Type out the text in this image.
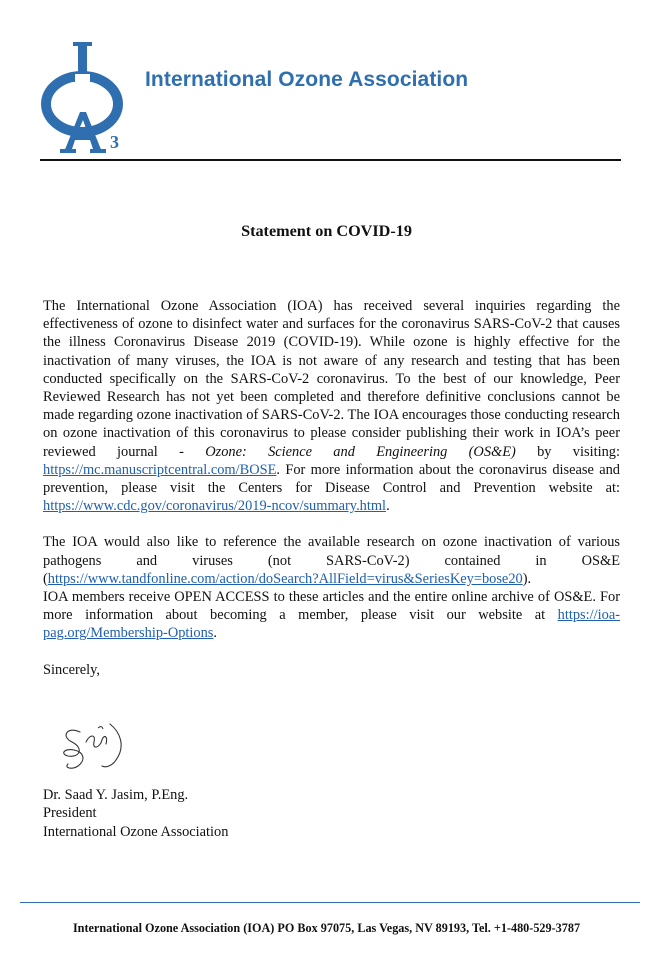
3
International Ozone Association
Statement on COVID-19

The International Ozone Association (IOA) has received several inquiries regarding the effectiveness of ozone to disinfect water and surfaces for the coronavirus SARS-CoV-2 that causes the illness Coronavirus Disease 2019 (COVID-19). While ozone is highly effective for the inactivation of many viruses, the IOA is not aware of any research and testing that has been conducted specifically on the SARS-CoV-2 coronavirus. To the best of our knowledge, Peer Reviewed Research has not yet been completed and therefore definitive conclusions cannot be made regarding ozone inactivation of SARS-CoV-2. The IOA encourages those conducting research on ozone inactivation of this coronavirus to please consider publishing their work in IOA’s peer reviewed journal - Ozone: Science and Engineering (OS&E) by visiting: https://mc.manuscriptcentral.com/BOSE. For more information about the coronavirus disease and prevention, please visit the Centers for Disease Control and Prevention website at: https://www.cdc.gov/coronavirus/2019-ncov/summary.html.

The IOA would also like to reference the available research on ozone inactivation of various pathogens and viruses (not SARS-CoV-2) contained in OS&E (https://www.tandfonline.com/action/doSearch?AllField=virus&SeriesKey=bose20).

IOA members receive OPEN ACCESS to these articles and the entire online archive of OS&E. For more information about becoming a member, please visit our website at https://ioa-pag.org/Membership-Options.

Sincerely,

Dr. Saad Y. Jasim, P.Eng.
President
International Ozone Association
International Ozone Association (IOA) PO Box 97075, Las Vegas, NV 89193, Tel. +1-480-529-3787
